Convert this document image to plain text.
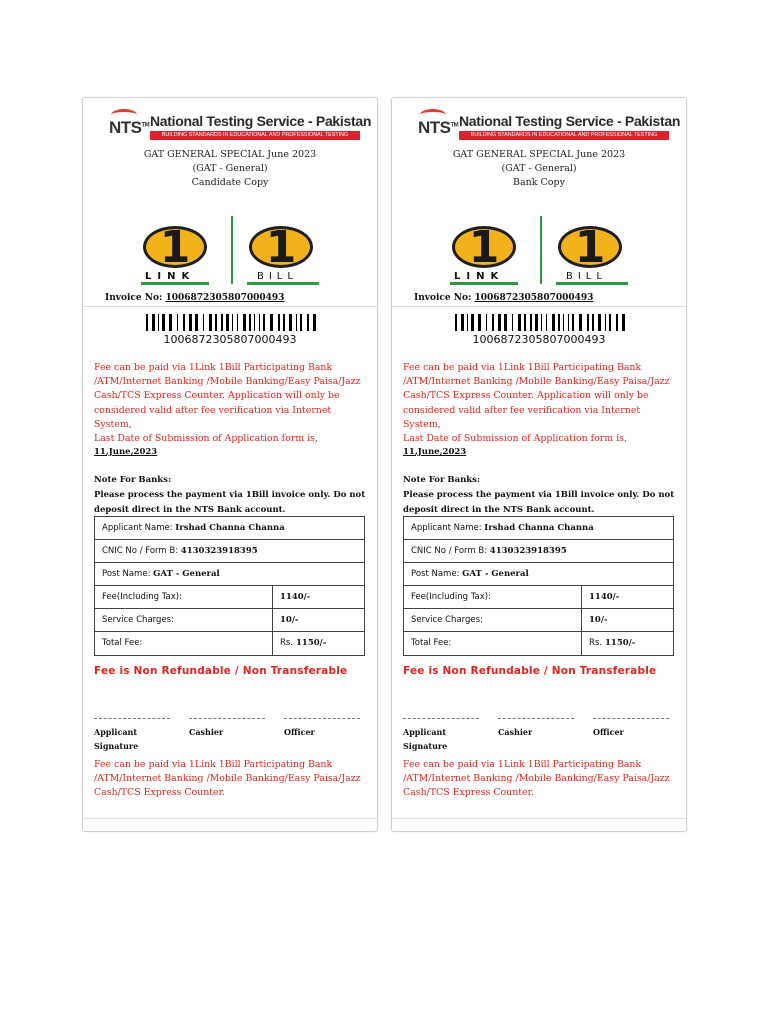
NTS™ National Testing Service - Pakistan
BUILDING STANDARDS IN EDUCATIONAL AND PROFESSIONAL TESTING
GAT GENERAL SPECIAL June 2023
(GAT - General)
Candidate Copy
1
LINK
1
BILL
Invoice No: 1006872305807000493
1006872305807000493
Fee can be paid via 1Link 1Bill Participating Bank /ATM/Internet Banking /Mobile Banking/Easy Paisa/Jazz Cash/TCS Express Counter. Application will only be considered valid after fee verification via Internet System,
Last Date of Submission of Application form is,
11,June,2023
Note For Banks:
Please process the payment via 1Bill invoice only. Do not deposit direct in the NTS Bank account.
Applicant Name: Irshad Channa Channa
CNIC No / Form B: 4130323918395
Post Name: GAT - General
Fee(Including Tax):	1140/-
Service Charges:	10/-
Total Fee:	Rs. 1150/-
Fee is Non Refundable / Non Transferable
Applicant Signature
Cashier	Officer
Fee can be paid via 1Link 1Bill Participating Bank /ATM/Internet Banking /Mobile Banking/Easy Paisa/Jazz Cash/TCS Express Counter.
NTS™ National Testing Service - Pakistan
BUILDING STANDARDS IN EDUCATIONAL AND PROFESSIONAL TESTING
GAT GENERAL SPECIAL June 2023
(GAT - General)
Bank Copy
1
LINK
1
BILL
Invoice No: 1006872305807000493
1006872305807000493
Fee can be paid via 1Link 1Bill Participating Bank /ATM/Internet Banking /Mobile Banking/Easy Paisa/Jazz Cash/TCS Express Counter. Application will only be considered valid after fee verification via Internet System,
Last Date of Submission of Application form is,
11,June,2023
Note For Banks:
Please process the payment via 1Bill invoice only. Do not deposit direct in the NTS Bank account.
Applicant Name: Irshad Channa Channa
CNIC No / Form B: 4130323918395
Post Name: GAT - General
Fee(Including Tax):	1140/-
Service Charges:	10/-
Total Fee:	Rs. 1150/-
Fee is Non Refundable / Non Transferable
Applicant Signature
Cashier	Officer
Fee can be paid via 1Link 1Bill Participating Bank /ATM/Internet Banking /Mobile Banking/Easy Paisa/Jazz Cash/TCS Express Counter.
